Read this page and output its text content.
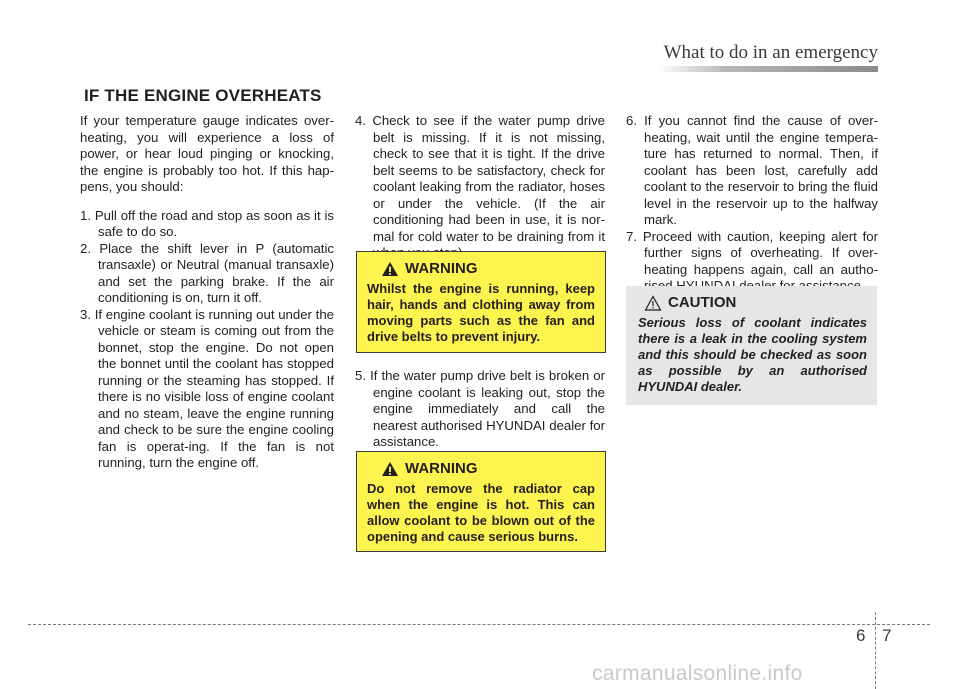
What to do in an emergency
IF THE ENGINE OVERHEATS

If your temperature gauge indicates over-heating, you will experience a loss of power, or hear loud pinging or knocking, the engine is probably too hot. If this hap-pens, you should:

1. Pull off the road and stop as soon as it is safe to do so.

2. Place the shift lever in P (automatic transaxle) or Neutral (manual transaxle) and set the parking brake. If the air conditioning is on, turn it off.

3. If engine coolant is running out under the vehicle or steam is coming out from the bonnet, stop the engine. Do not open the bonnet until the coolant has stopped running or the steaming has stopped. If there is no visible loss of engine coolant and no steam, leave the engine running and check to be sure the engine cooling fan is operat-ing. If the fan is not running, turn the engine off.

4. Check to see if the water pump drive belt is missing. If it is not missing, check to see that it is tight. If the drive belt seems to be satisfactory, check for coolant leaking from the radiator, hoses or under the vehicle. (If the air conditioning had been in use, it is nor-mal for cold water to be draining from it

WARNING
Whilst the engine is running, keep hair, hands and clothing away from moving parts such as the fan and drive belts to prevent injury.

5. If the water pump drive belt is broken or engine coolant is leaking out, stop the engine immediately and call the nearest authorised HYUNDAI dealer for assistance.

WARNING
Do not remove the radiator cap when the engine is hot. This can allow coolant to be blown out of the opening and cause serious burns.

6. If you cannot find the cause of over-heating, wait until the engine tempera-ture has returned to normal. Then, if coolant has been lost, carefully add coolant to the reservoir to bring the fluid level in the reservoir up to the halfway mark.

7. Proceed with caution, keeping alert for further signs of overheating. If over-heating happens again, call an autho-

CAUTION
Serious loss of coolant indicates there is a leak in the cooling system and this should be checked as soon as possible by an authorised HYUNDAI dealer.
6 7
carmanualsonline.info
